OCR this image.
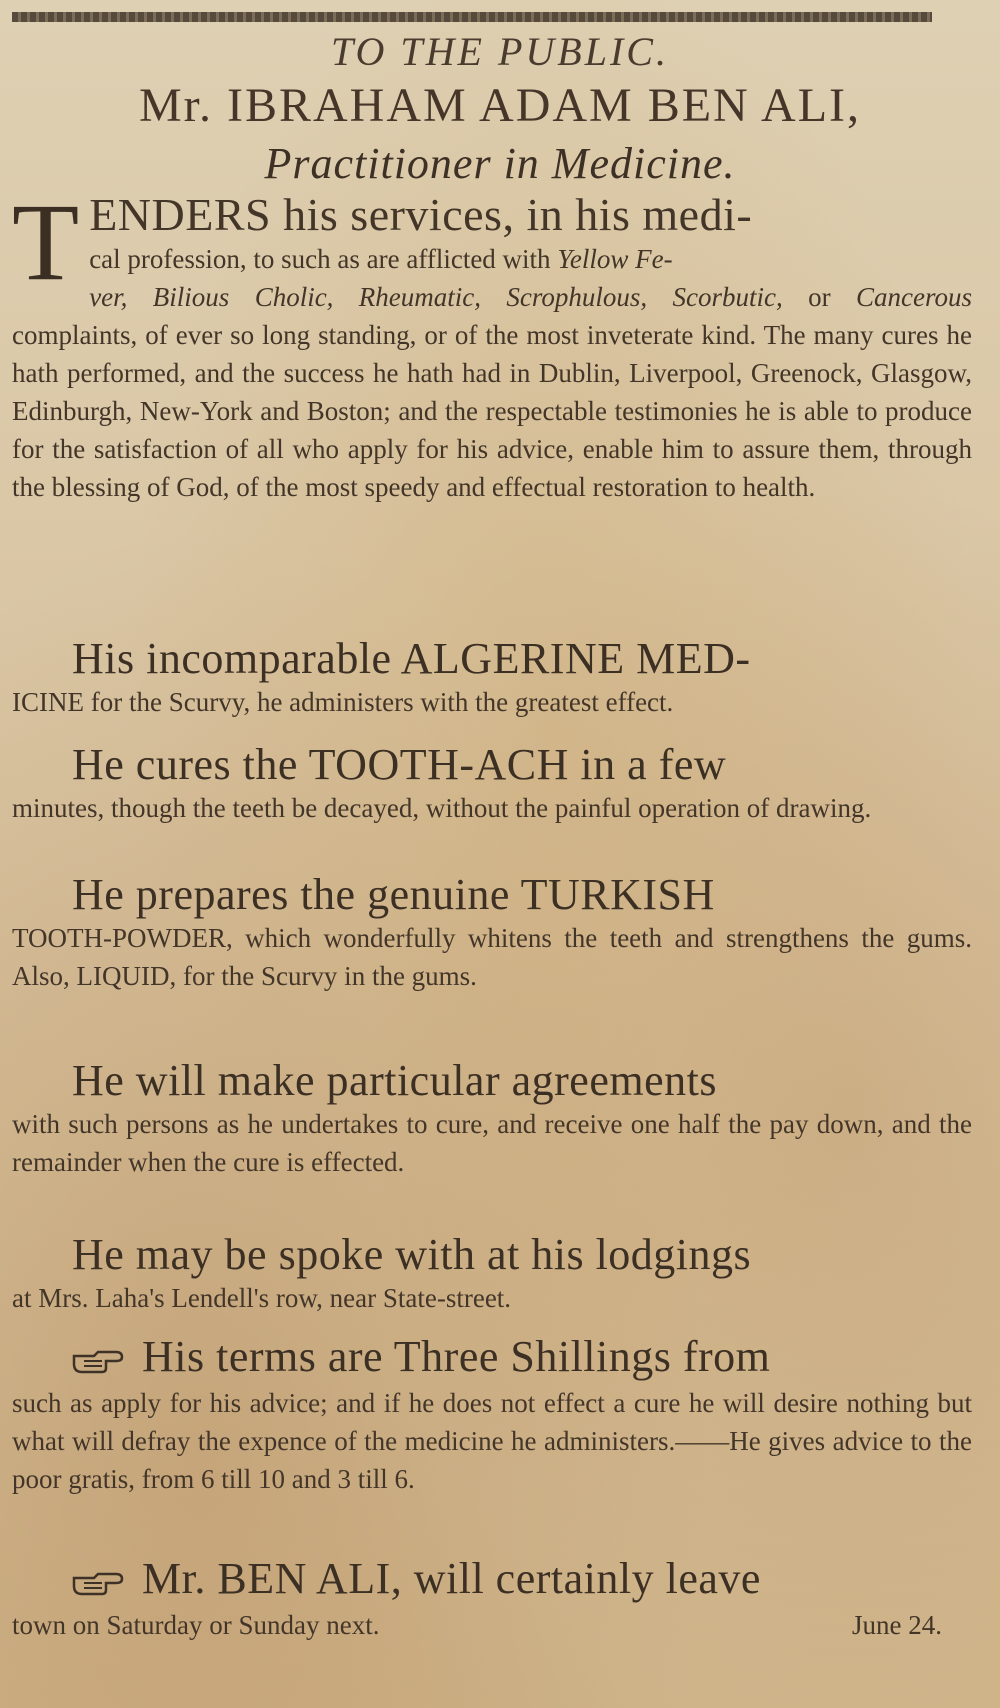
TO THE PUBLIC.
Mr. IBRAHAM ADAM BEN ALI,
Practitioner in Medicine.
T ENDERS his services, in his medi-
cal profession, to such as are afflicted with Yellow Fe-
ver, Bilious Cholic, Rheumatic, Scrophulous, Scorbutic, or Cancerous complaints, of ever so long standing, or of the most inveterate kind. The many cures he hath performed, and the success he hath had in Dublin, Liverpool, Greenock, Glasgow, Edinburgh, New-York and Boston; and the respectable testimonies he is able to produce for the satisfaction of all who apply for his advice, enable him to assure them, through the blessing of God, of the most speedy and effectual restoration to health.
His incomparable ALGERINE MED-
ICINE for the Scurvy, he administers with the greatest effect.
He cures the TOOTH-ACH in a few
minutes, though the teeth be decayed, without the painful operation of drawing.
He prepares the genuine TURKISH
TOOTH-POWDER, which wonderfully whitens the teeth and strengthens the gums. Also, LIQUID, for the Scurvy in the gums.
He will make particular agreements
with such persons as he undertakes to cure, and receive one half the pay down, and the remainder when the cure is effected.
He may be spoke with at his lodgings
at Mrs. Laha's Lendell's row, near State-street.
His terms are Three Shillings from
such as apply for his advice; and if he does not effect a cure he will desire nothing but what will defray the expence of the medicine he administers.——He gives advice to the poor gratis, from 6 till 10 and 3 till 6.
Mr. BEN ALI, will certainly leave
town on Saturday or Sunday next.	June 24.
